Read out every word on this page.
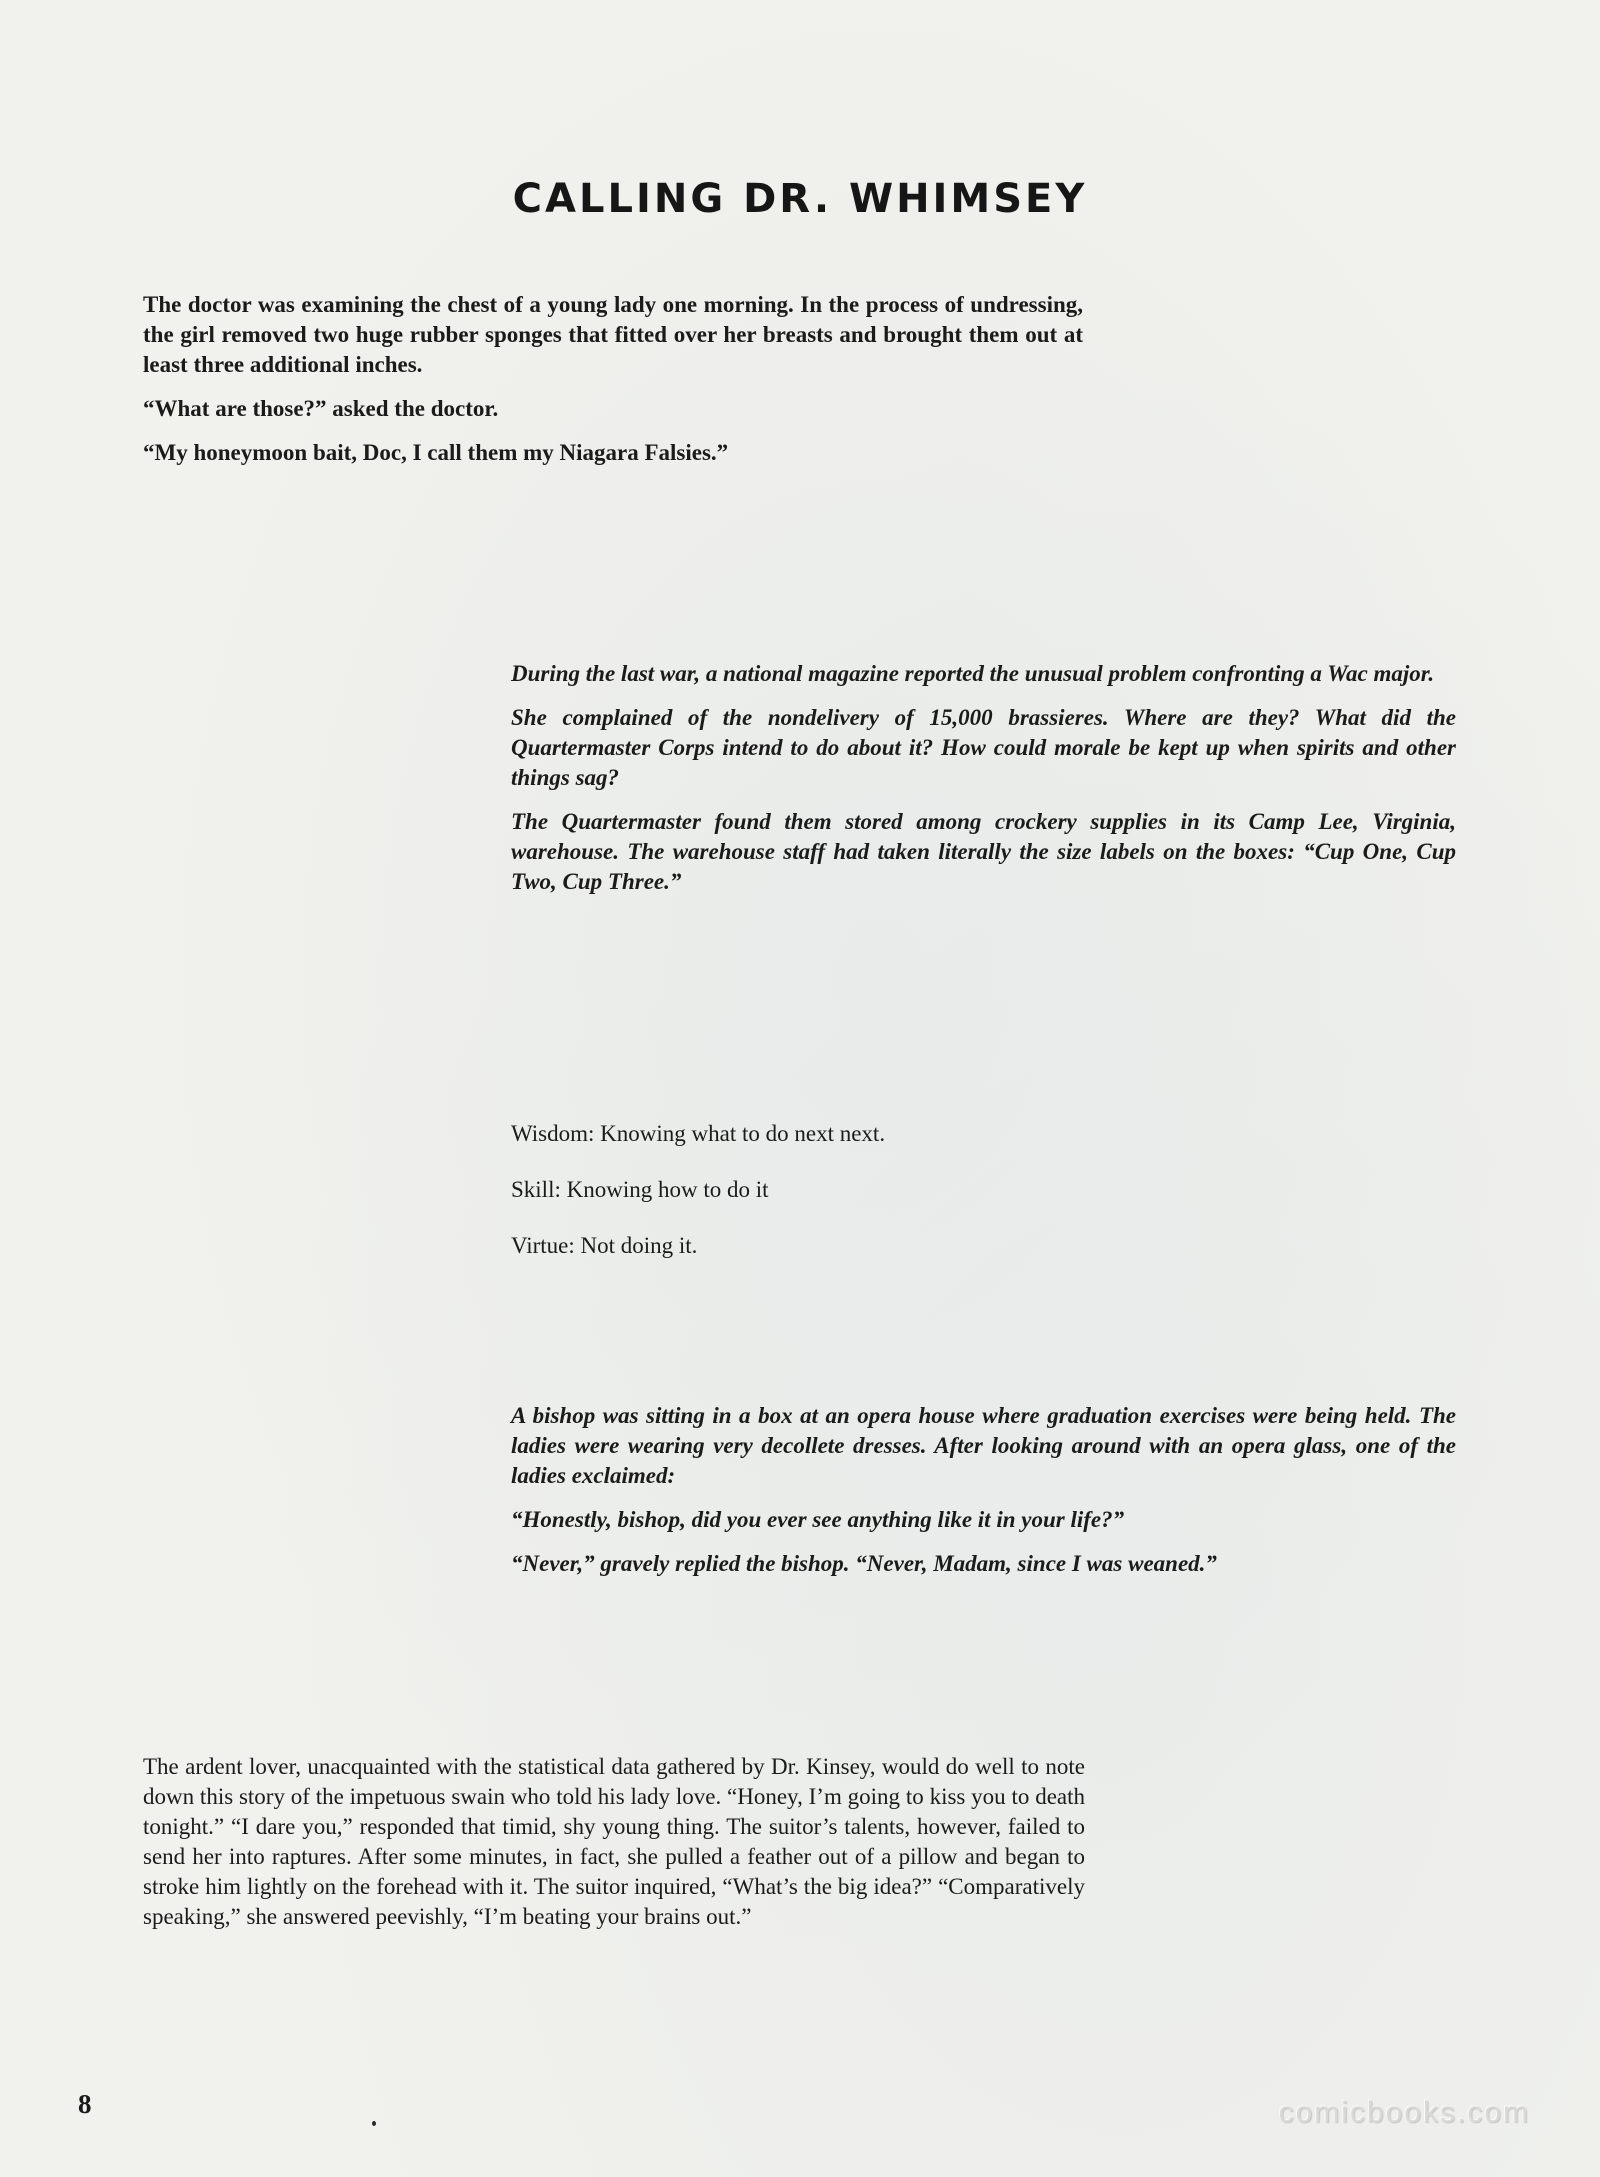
CALLING DR. WHIMSEY

The doctor was examining the chest of a young lady one morning. In the process of undressing, the girl removed two huge rubber sponges that fitted over her breasts and brought them out at least three additional inches.

“What are those?” asked the doctor.

“My honeymoon bait, Doc, I call them my Niagara Falsies.”

During the last war, a national magazine reported the unusual problem confronting a Wac major.

She complained of the nondelivery of 15,000 brassieres. Where are they? What did the Quartermaster Corps intend to do about it? How could morale be kept up when spirits and other things sag?

The Quartermaster found them stored among crockery supplies in its Camp Lee, Virginia, warehouse. The warehouse staff had taken literally the size labels on the boxes: “Cup One, Cup Two, Cup Three.”

Wisdom: Knowing what to do next next.

Skill: Knowing how to do it

Virtue: Not doing it.

A bishop was sitting in a box at an opera house where graduation exercises were being held. The ladies were wearing very decollete dresses. After looking around with an opera glass, one of the ladies exclaimed:

“Honestly, bishop, did you ever see anything like it in your life?”

“Never,” gravely replied the bishop. “Never, Madam, since I was weaned.”

The ardent lover, unacquainted with the statistical data gathered by Dr. Kinsey, would do well to note down this story of the impetuous swain who told his lady love. “Honey, I’m going to kiss you to death tonight.” “I dare you,” responded that timid, shy young thing. The suitor’s talents, however, failed to send her into raptures. After some minutes, in fact, she pulled a feather out of a pillow and began to stroke him lightly on the forehead with it. The suitor inquired, “What’s the big idea?” “Comparatively speaking,” she answered peevishly, “I’m beating your brains out.”

8	comicbooks.com
